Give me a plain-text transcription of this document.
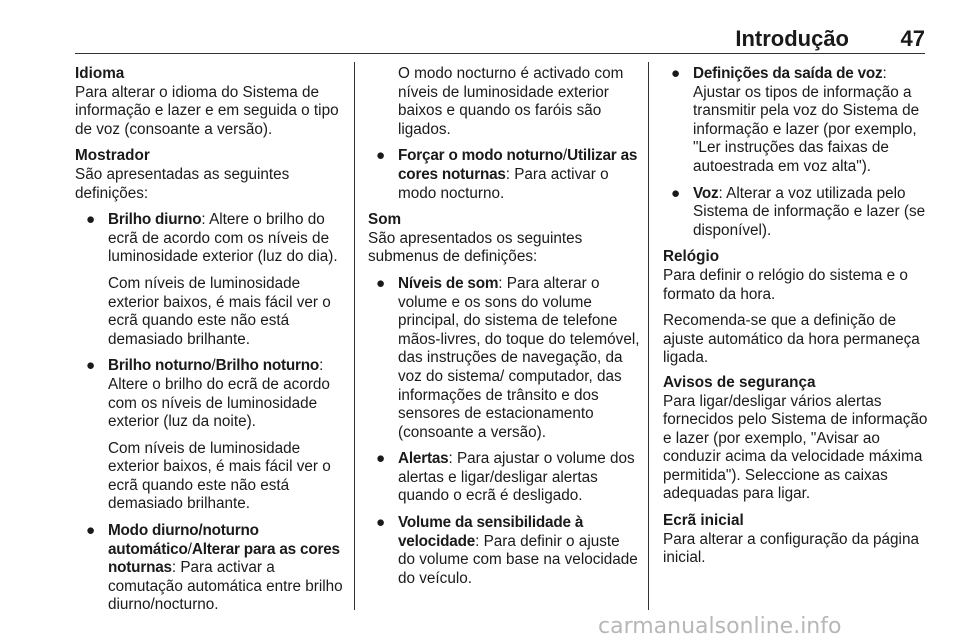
Introdução 47
Idioma
Para alterar o idioma do Sistema de informação e lazer e em seguida o tipo de voz (consoante a versão).
Mostrador
São apresentadas as seguintes definições:
● Brilho diurno: Altere o brilho do ecrã de acordo com os níveis de luminosidade exterior (luz do dia).
Com níveis de luminosidade exterior baixos, é mais fácil ver o ecrã quando este não está demasiado brilhante.
● Brilho noturno/Brilho noturno: Altere o brilho do ecrã de acordo com os níveis de luminosidade exterior (luz da noite).
Com níveis de luminosidade exterior baixos, é mais fácil ver o ecrã quando este não está demasiado brilhante.
● Modo diurno/noturno automático/Alterar para as cores noturnas: Para activar a comutação automática entre brilho diurno/nocturno.
O modo nocturno é activado com níveis de luminosidade exterior baixos e quando os faróis são ligados.
● Forçar o modo noturno/Utilizar as cores noturnas: Para activar o modo nocturno.
Som
São apresentados os seguintes submenus de definições:
● Níveis de som: Para alterar o volume e os sons do volume principal, do sistema de telefone mãos-livres, do toque do telemóvel, das instruções de navegação, da voz do sistema/ computador, das informações de trânsito e dos sensores de estacionamento (consoante a versão).
● Alertas: Para ajustar o volume dos alertas e ligar/desligar alertas quando o ecrã é desligado.
● Volume da sensibilidade à velocidade: Para definir o ajuste do volume com base na velocidade do veículo.
● Definições da saída de voz: Ajustar os tipos de informação a transmitir pela voz do Sistema de informação e lazer (por exemplo, "Ler instruções das faixas de autoestrada em voz alta").
● Voz: Alterar a voz utilizada pelo Sistema de informação e lazer (se disponível).
Relógio
Para definir o relógio do sistema e o formato da hora.
Recomenda-se que a definição de ajuste automático da hora permaneça ligada.
Avisos de segurança
Para ligar/desligar vários alertas fornecidos pelo Sistema de informação e lazer (por exemplo, "Avisar ao conduzir acima da velocidade máxima permitida"). Seleccione as caixas adequadas para ligar.
Ecrã inicial
Para alterar a configuração da página inicial.
carmanualsonline.info
